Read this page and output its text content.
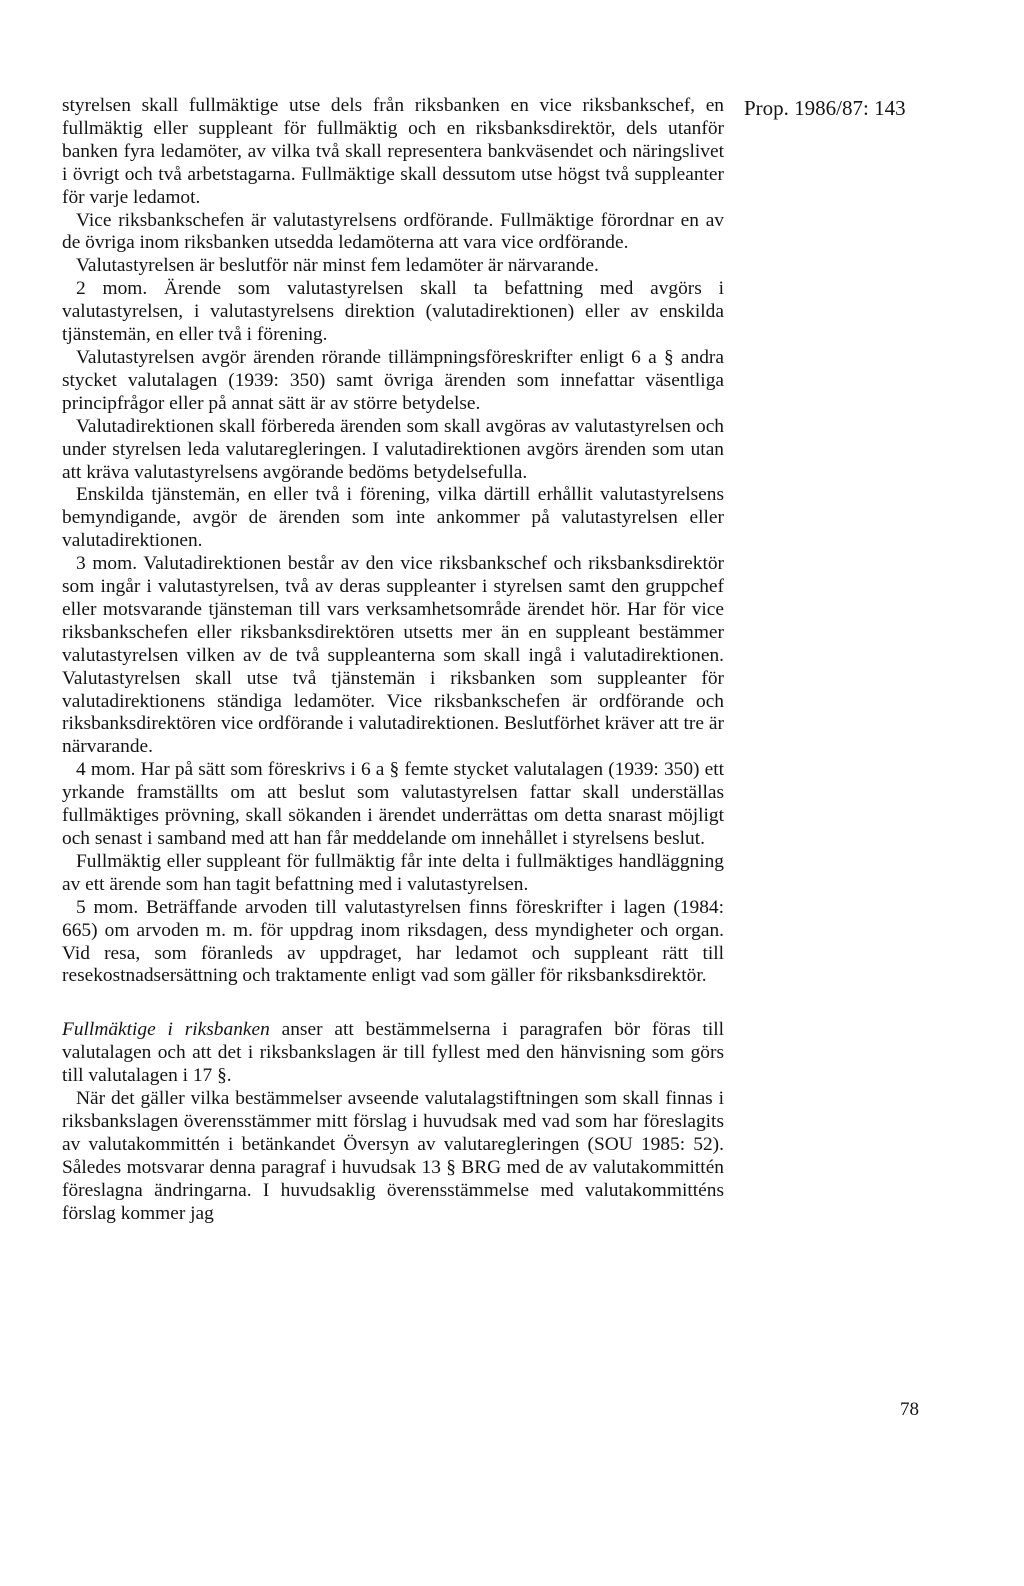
Prop. 1986/87: 143

styrelsen skall fullmäktige utse dels från riksbanken en vice riksbankschef, en fullmäktig eller suppleant för fullmäktig och en riksbanksdirektör, dels utanför banken fyra ledamöter, av vilka två skall representera bankväsendet och näringslivet i övrigt och två arbetstagarna. Fullmäktige skall dessutom utse högst två suppleanter för varje ledamot.

Vice riksbankschefen är valutastyrelsens ordförande. Fullmäktige förordnar en av de övriga inom riksbanken utsedda ledamöterna att vara vice ordförande.

Valutastyrelsen är beslutför när minst fem ledamöter är närvarande.

2 mom. Ärende som valutastyrelsen skall ta befattning med avgörs i valutastyrelsen, i valutastyrelsens direktion (valutadirektionen) eller av enskilda tjänstemän, en eller två i förening.

Valutastyrelsen avgör ärenden rörande tillämpningsföreskrifter enligt 6 a § andra stycket valutalagen (1939: 350) samt övriga ärenden som innefattar väsentliga principfrågor eller på annat sätt är av större betydelse.

Valutadirektionen skall förbereda ärenden som skall avgöras av valutastyrelsen och under styrelsen leda valutaregleringen. I valutadirektionen avgörs ärenden som utan att kräva valutastyrelsens avgörande bedöms betydelsefulla.

Enskilda tjänstemän, en eller två i förening, vilka därtill erhållit valutastyrelsens bemyndigande, avgör de ärenden som inte ankommer på valutastyrelsen eller valutadirektionen.

3 mom. Valutadirektionen består av den vice riksbankschef och riksbanksdirektör som ingår i valutastyrelsen, två av deras suppleanter i styrelsen samt den gruppchef eller motsvarande tjänsteman till vars verksamhetsområde ärendet hör. Har för vice riksbankschefen eller riksbanksdirektören utsetts mer än en suppleant bestämmer valutastyrelsen vilken av de två suppleanterna som skall ingå i valutadirektionen. Valutastyrelsen skall utse två tjänstemän i riksbanken som suppleanter för valutadirektionens ständiga ledamöter. Vice riksbankschefen är ordförande och riksbanksdirektören vice ordförande i valutadirektionen. Beslutförhet kräver att tre är närvarande.

4 mom. Har på sätt som föreskrivs i 6 a § femte stycket valutalagen (1939: 350) ett yrkande framställts om att beslut som valutastyrelsen fattar skall underställas fullmäktiges prövning, skall sökanden i ärendet underrättas om detta snarast möjligt och senast i samband med att han får meddelande om innehållet i styrelsens beslut.

Fullmäktig eller suppleant för fullmäktig får inte delta i fullmäktiges handläggning av ett ärende som han tagit befattning med i valutastyrelsen.

5 mom. Beträffande arvoden till valutastyrelsen finns föreskrifter i lagen (1984: 665) om arvoden m. m. för uppdrag inom riksdagen, dess myndigheter och organ. Vid resa, som föranleds av uppdraget, har ledamot och suppleant rätt till resekostnadsersättning och traktamente enligt vad som gäller för riksbanksdirektör.

Fullmäktige i riksbanken anser att bestämmelserna i paragrafen bör föras till valutalagen och att det i riksbankslagen är till fyllest med den hänvisning som görs till valutalagen i 17 §.

När det gäller vilka bestämmelser avseende valutalagstiftningen som skall finnas i riksbankslagen överensstämmer mitt förslag i huvudsak med vad som har föreslagits av valutakommittén i betänkandet Översyn av valutaregleringen (SOU 1985: 52). Således motsvarar denna paragraf i huvudsak 13 § BRG med de av valutakommittén föreslagna ändringarna. I huvudsaklig överensstämmelse med valutakommitténs förslag kommer jag

78
